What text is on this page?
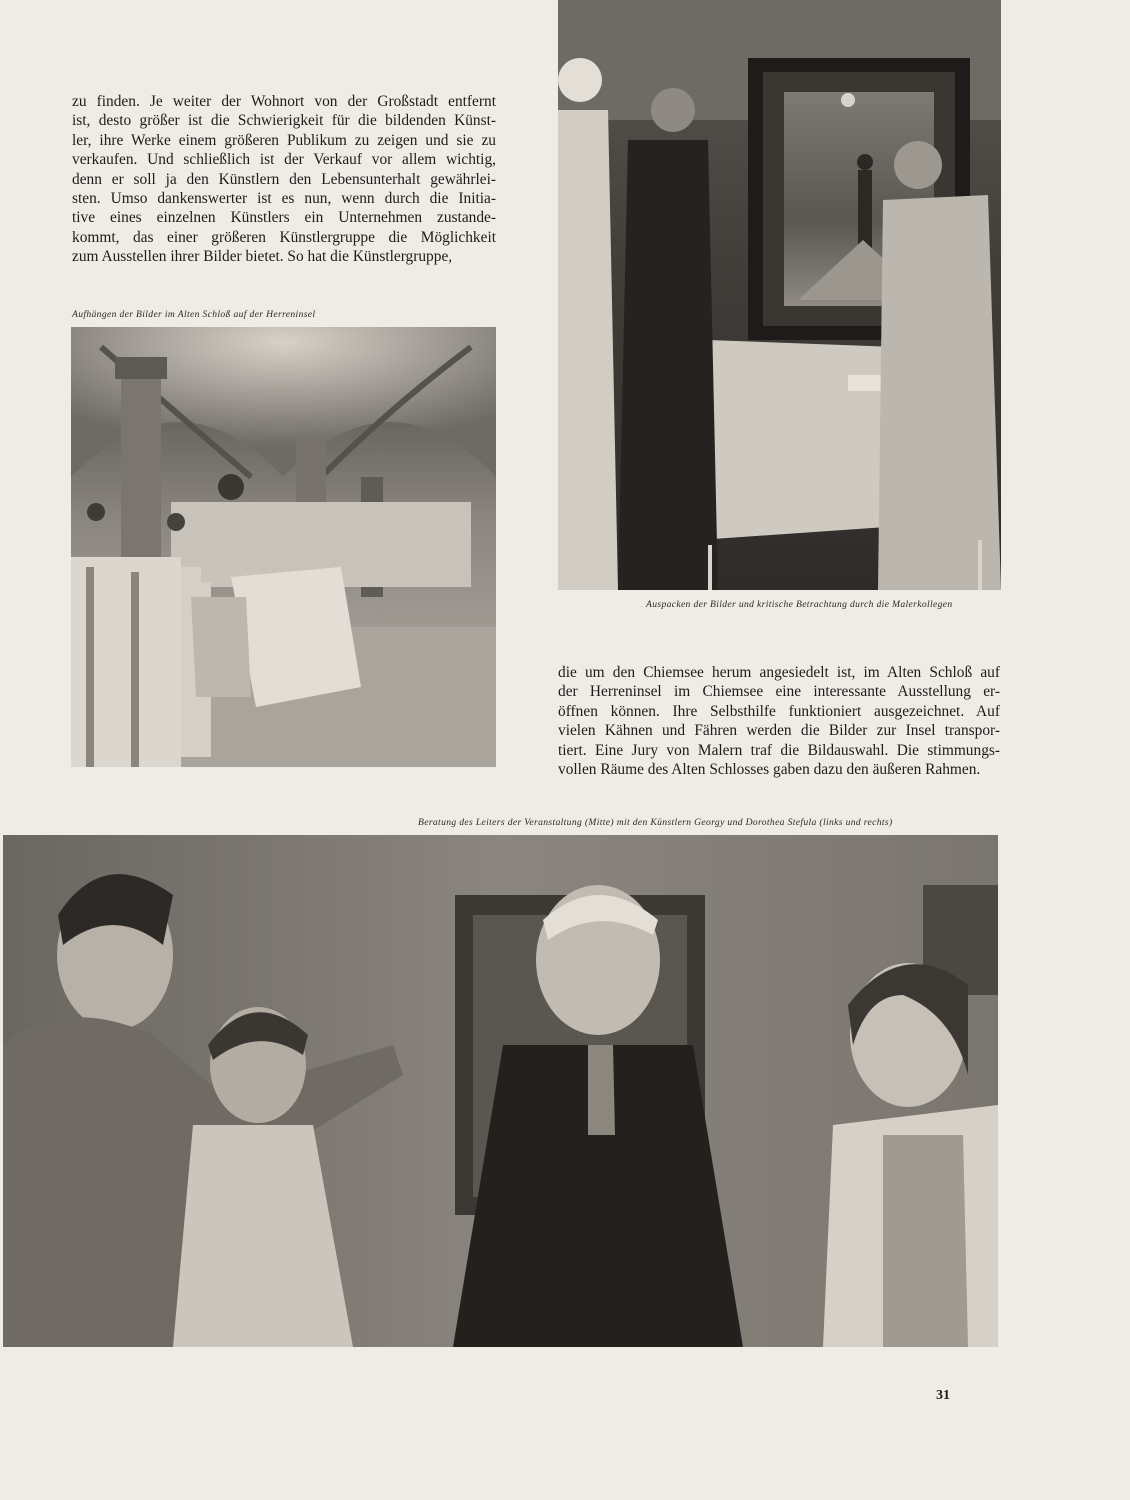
zu finden. Je weiter der Wohnort von der Großstadt entfernt
ist, desto größer ist die Schwierigkeit für die bildenden Künst-
ler, ihre Werke einem größeren Publikum zu zeigen und sie zu
verkaufen. Und schließlich ist der Verkauf vor allem wichtig,
denn er soll ja den Künstlern den Lebensunterhalt gewährlei-
sten. Umso dankenswerter ist es nun, wenn durch die Initia-
tive eines einzelnen Künstlers ein Unternehmen zustande-
kommt, das einer größeren Künstlergruppe die Möglichkeit
zum Ausstellen ihrer Bilder bietet. So hat die Künstlergruppe,
Aufhängen der Bilder im Alten Schloß auf der Herreninsel
Auspacken der Bilder und kritische Betrachtung durch die Malerkollegen
die um den Chiemsee herum angesiedelt ist, im Alten Schloß auf
der Herreninsel im Chiemsee eine interessante Ausstellung er-
öffnen können. Ihre Selbsthilfe funktioniert ausgezeichnet. Auf
vielen Kähnen und Fähren werden die Bilder zur Insel transpor-
tiert. Eine Jury von Malern traf die Bildauswahl. Die stimmungs-
vollen Räume des Alten Schlosses gaben dazu den äußeren Rahmen.
Beratung des Leiters der Veranstaltung (Mitte) mit den Künstlern Georgy und Dorothea Stefula (links und rechts)
31
